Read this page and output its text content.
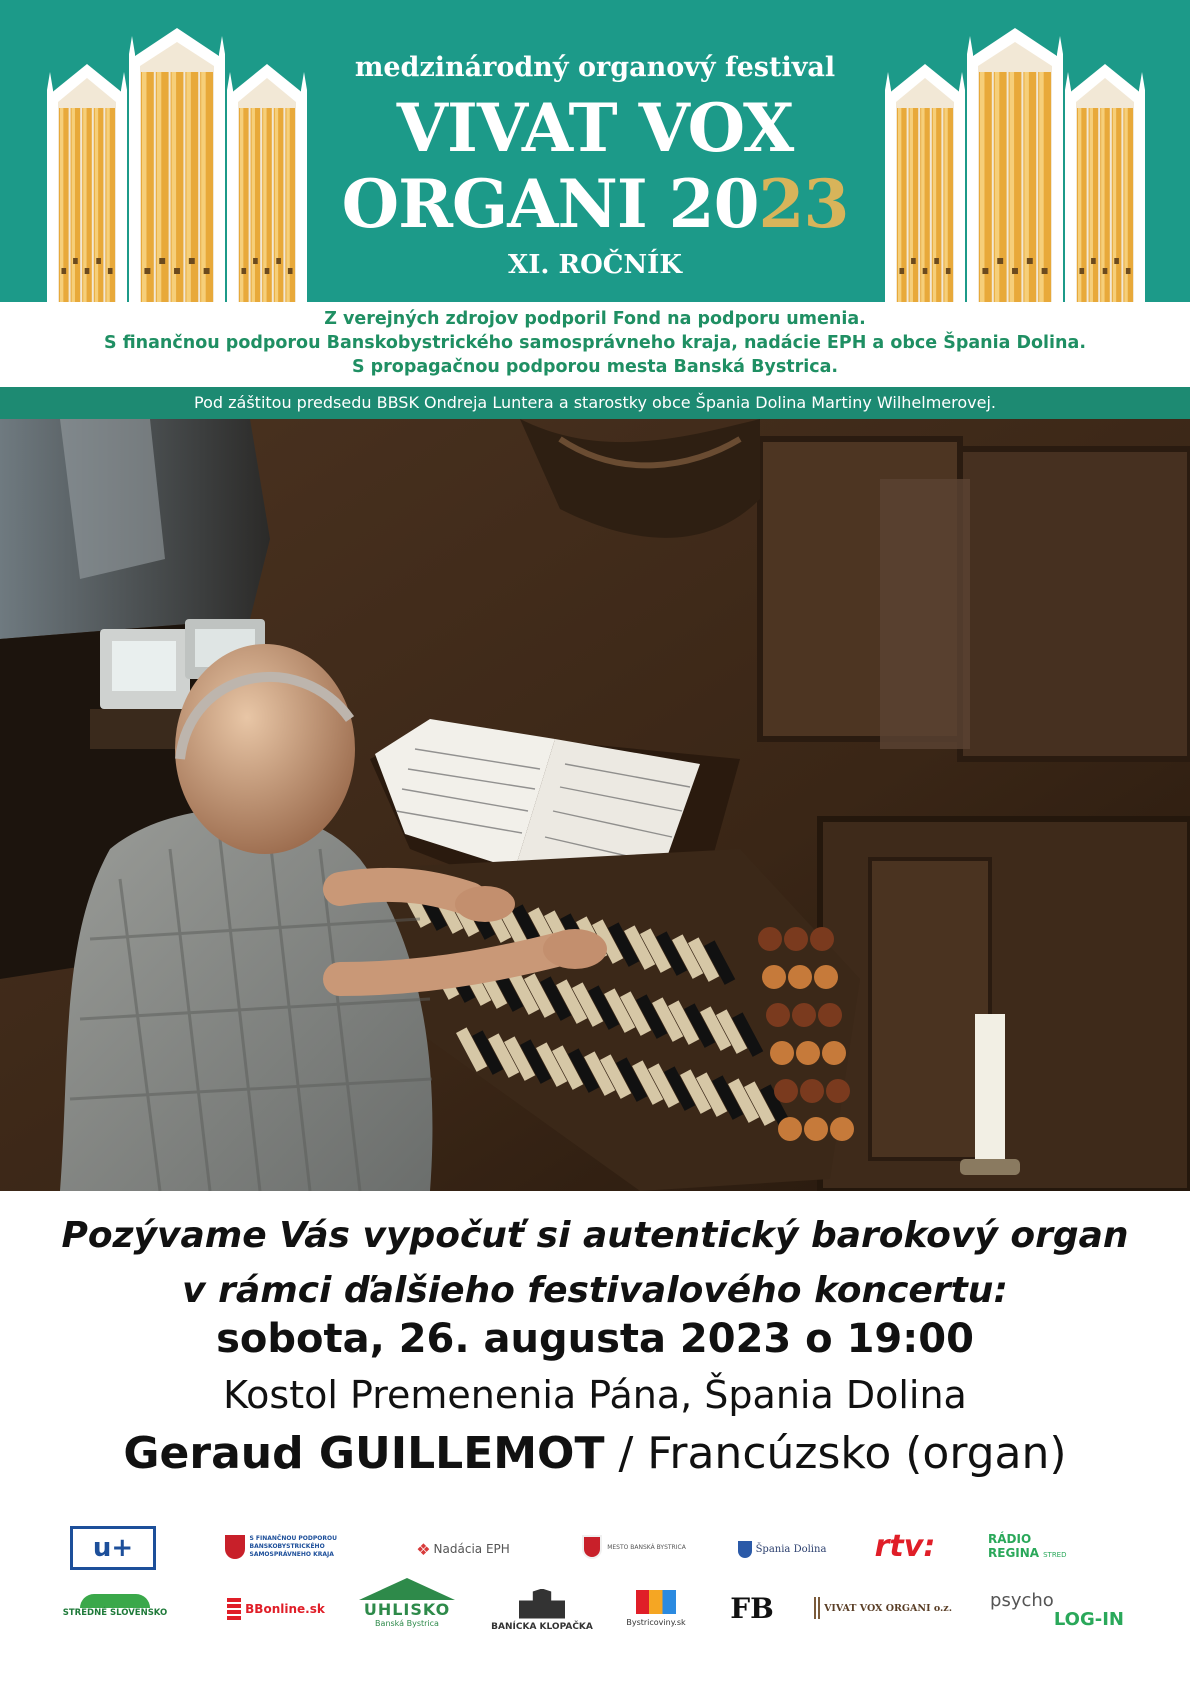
medzinárodný organový festival
VIVAT VOX
ORGANI 2023
XI. ROČNÍK
Z verejných zdrojov podporil Fond na podporu umenia.
S finančnou podporou Banskobystrického samosprávneho kraja, nadácie EPH a obce Špania Dolina.
S propagačnou podporou mesta Banská Bystrica.
Pod záštitou predsedu BBSK Ondreja Luntera a starostky obce Špania Dolina Martiny Wilhelmerovej.
Pozývame Vás vypočuť si autentický barokový organ
v rámci ďalšieho festivalového koncertu:
sobota, 26. augusta 2023 o 19:00
Kostol Premenenia Pána, Špania Dolina
Geraud GUILLEMOT / Francúzsko (organ)
u+	S FINANČNOU PODPOROU BANSKOBYSTRICKÉHO SAMOSPRÁVNEHO KRAJA	❖ Nadácia EPH	MESTO BANSKÁ BYSTRICA	Špania Dolina rtv:	RÁDIO
REGINA STRED
STREDNÉ SLOVENSKO	BBonline.sk UHLISKO
Banská Bystrica	BANÍCKA KLOPAČKA	Bystricoviny.sk FB	VIVAT VOX ORGANI o.z. psycho
LOG-IN
